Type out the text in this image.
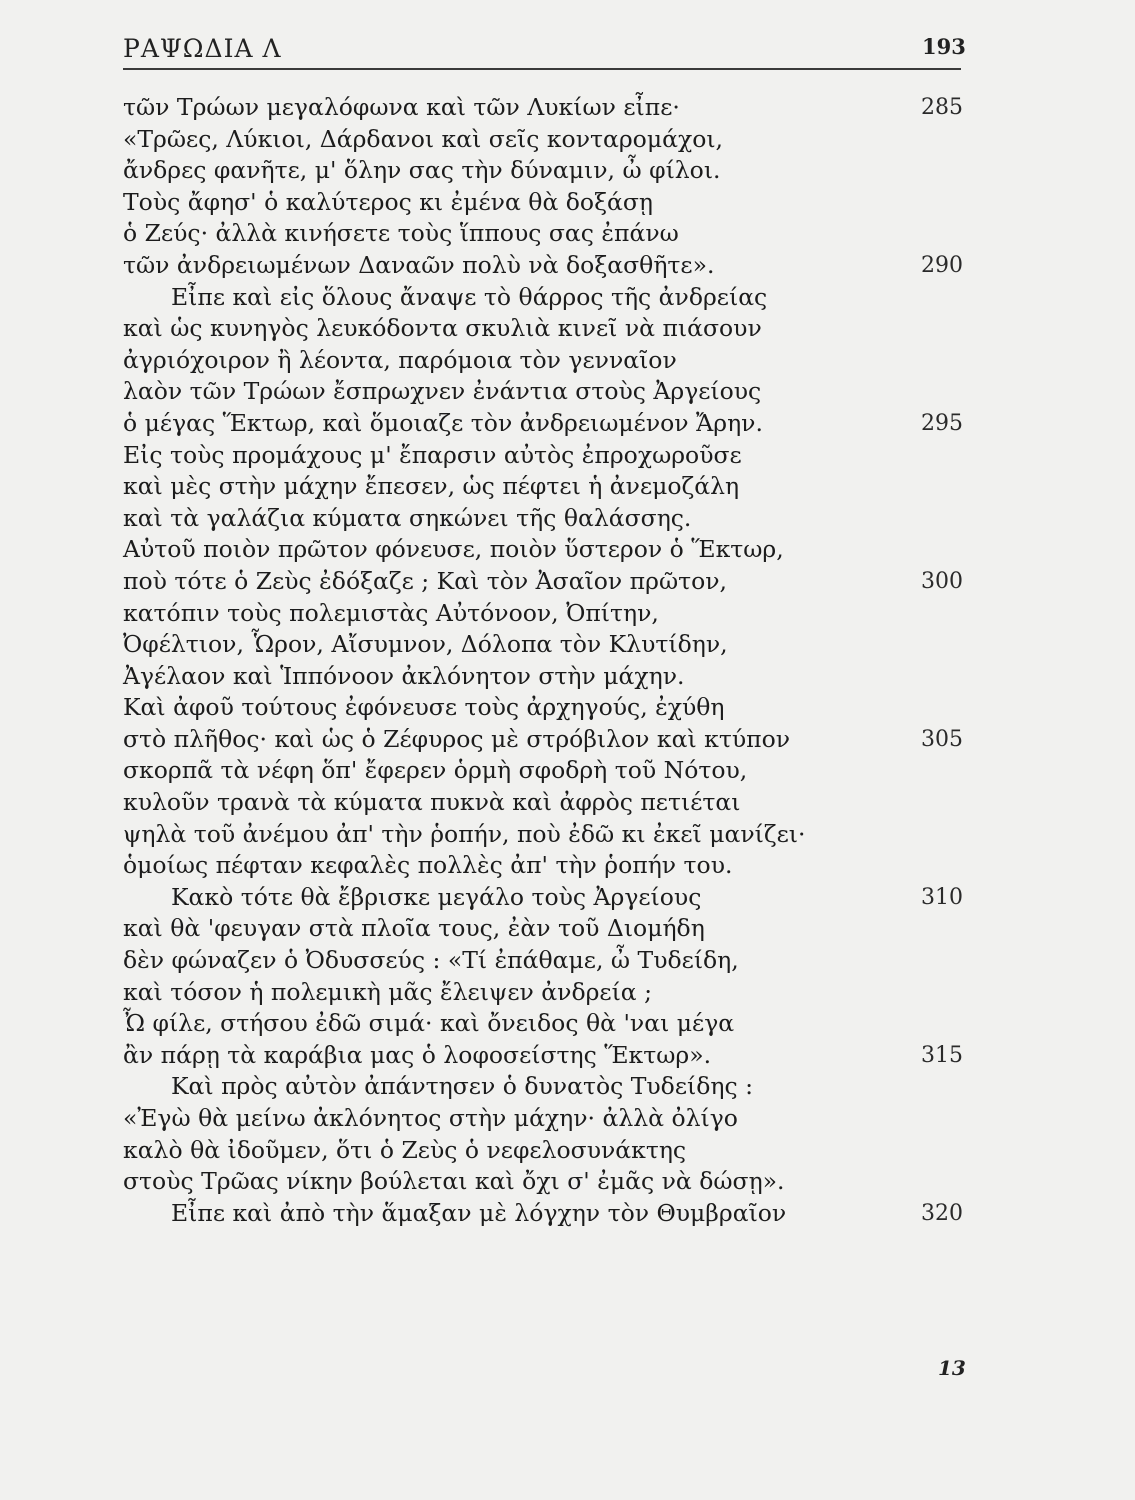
ΡΑΨΩΔΙΑ Λ	193
τῶν Τρώων μεγαλόφωνα καὶ τῶν Λυκίων εἶπε·	285
«Τρῶες, Λύκιοι, Δάρδανοι καὶ σεῖς κονταρομάχοι,
ἄνδρες φανῆτε, μ' ὅλην σας τὴν δύναμιν, ὦ φίλοι.
Τοὺς ἄφησ' ὁ καλύτερος κι ἐμένα θὰ δοξάσῃ
ὁ Ζεύς· ἀλλὰ κινήσετε τοὺς ἵππους σας ἐπάνω
τῶν ἀνδρειωμένων Δαναῶν πολὺ νὰ δοξασθῆτε».	290
Εἶπε καὶ εἰς ὅλους ἄναψε τὸ θάρρος τῆς ἀνδρείας
καὶ ὡς κυνηγὸς λευκόδοντα σκυλιὰ κινεῖ νὰ πιάσουν
ἀγριόχοιρον ἢ λέοντα, παρόμοια τὸν γενναῖον
λαὸν τῶν Τρώων ἔσπρωχνεν ἐνάντια στοὺς Ἀργείους
ὁ μέγας Ἕκτωρ, καὶ ὅμοιαζε τὸν ἀνδρειωμένον Ἄρην.	295
Εἰς τοὺς προμάχους μ' ἔπαρσιν αὐτὸς ἐπροχωροῦσε
καὶ μὲς στὴν μάχην ἔπεσεν, ὡς πέφτει ἡ ἀνεμοζάλη
καὶ τὰ γαλάζια κύματα σηκώνει τῆς θαλάσσης.
Αὐτοῦ ποιὸν πρῶτον φόνευσε, ποιὸν ὕστερον ὁ Ἕκτωρ,
ποὺ τότε ὁ Ζεὺς ἐδόξαζε ; Καὶ τὸν Ἀσαῖον πρῶτον,	300
κατόπιν τοὺς πολεμιστὰς Αὐτόνοον, Ὀπίτην,
Ὀφέλτιον, Ὧρον, Αἴσυμνον, Δόλοπα τὸν Κλυτίδην,
Ἀγέλαον καὶ Ἱππόνοον ἀκλόνητον στὴν μάχην.
Καὶ ἀφοῦ τούτους ἐφόνευσε τοὺς ἀρχηγούς, ἐχύθη
στὸ πλῆθος· καὶ ὡς ὁ Ζέφυρος μὲ στρόβιλον καὶ κτύπον	305
σκορπᾶ τὰ νέφη ὅπ' ἔφερεν ὁρμὴ σφοδρὴ τοῦ Νότου,
κυλοῦν τρανὰ τὰ κύματα πυκνὰ καὶ ἀφρὸς πετιέται
ψηλὰ τοῦ ἀνέμου ἀπ' τὴν ῥοπήν, ποὺ ἐδῶ κι ἐκεῖ μανίζει·
ὁμοίως πέφταν κεφαλὲς πολλὲς ἀπ' τὴν ῥοπήν του.
Κακὸ τότε θὰ ἔβρισκε μεγάλο τοὺς Ἀργείους	310
καὶ θὰ 'φευγαν στὰ πλοῖα τους, ἐὰν τοῦ Διομήδη
δὲν φώναζεν ὁ Ὀδυσσεύς : «Τί ἐπάθαμε, ὦ Τυδείδη,
καὶ τόσον ἡ πολεμικὴ μᾶς ἔλειψεν ἀνδρεία ;
Ὦ φίλε, στήσου ἐδῶ σιμά· καὶ ὄνειδος θὰ 'ναι μέγα
ἂν πάρῃ τὰ καράβια μας ὁ λοφοσείστης Ἕκτωρ».	315
Καὶ πρὸς αὐτὸν ἀπάντησεν ὁ δυνατὸς Τυδείδης :
«Ἐγὼ θὰ μείνω ἀκλόνητος στὴν μάχην· ἀλλὰ ὀλίγο
καλὸ θὰ ἰδοῦμεν, ὅτι ὁ Ζεὺς ὁ νεφελοσυνάκτης
στοὺς Τρῶας νίκην βούλεται καὶ ὄχι σ' ἐμᾶς νὰ δώσῃ».
Εἶπε καὶ ἀπὸ τὴν ἅμαξαν μὲ λόγχην τὸν Θυμβραῖον	320
13
